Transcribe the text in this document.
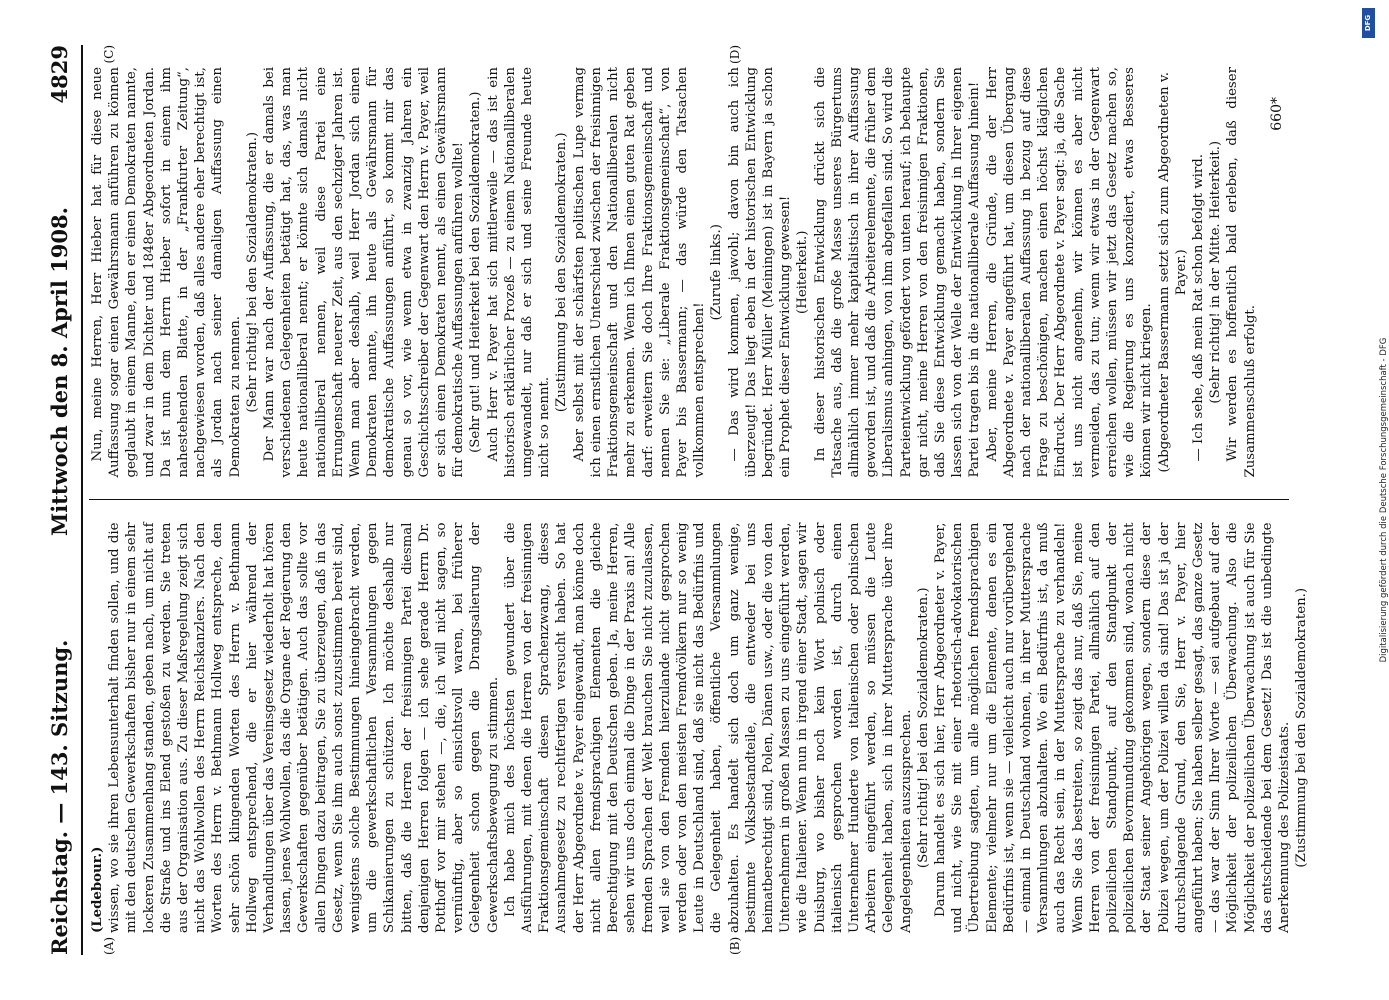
DFG
Digitalisierung gefördert durch die Deutsche Forschungsgemeinschaft - DFG
Reichstag. — 143. Sitzung.
Mittwoch den 8. April 1908.
4829
(A)	(B)

(Ledebour.) wissen, wo sie ihren Lebensunterhalt finden sollen, und die mit den deutschen Gewerkschaften bisher nur in einem sehr lockeren Zusammenhang standen, geben nach, um nicht auf die Straße und ins Elend gestoßen zu werden. Sie treten aus der Organisation aus. Zu dieser Maßregelung zeigt sich nicht das Wohlwollen des Herrn Reichskanzlers. Nach den Worten des Herrn v. Bethmann Hollweg entspreche, den sehr schön klingenden Worten des Herrn v. Bethmann Hollweg entsprechend, die er hier während der Verhandlungen über das Vereinsgesetz wiederholt hat hören lassen, jenes Wohlwollen, das die Organe der Regierung den Gewerkschaften gegenüber betätigen. Auch das sollte vor allen Dingen dazu beitragen, Sie zu überzeugen, daß in das Gesetz, wenn Sie ihm auch sonst zuzustimmen bereit sind, wenigstens solche Bestimmungen hineingebracht werden, um die gewerkschaftlichen Versammlungen gegen Schikanierungen zu schützen. Ich möchte deshalb nur bitten, daß die Herren der freisinnigen Partei diesmal denjenigen Herren folgen — ich sehe gerade Herrn Dr. Potthoff vor mir stehen —, die, ich will nicht sagen, so vernünftig, aber so einsichtsvoll waren, bei früherer Gelegenheit schon gegen die Drangsalierung der Gewerkschaftsbewegung zu stimmen. Ich habe mich des höchsten gewundert über die Ausführungen, mit denen die Herren von der freisinnigen Fraktionsgemeinschaft diesen Sprachenzwang, dieses Ausnahmegesetz zu rechtfertigen versucht haben. So hat der Herr Abgeordnete v. Payer eingewandt, man könne doch nicht allen fremdsprachigen Elementen die gleiche Berechtigung mit den Deutschen geben. Ja, meine Herren, sehen wir uns doch einmal die Dinge in der Praxis an! Alle fremden Sprachen der Welt brauchen Sie nicht zuzulassen, weil sie von den Fremden hierzulande nicht gesprochen werden oder von den meisten Fremdvölkern nur so wenig Leute in Deutschland sind, daß sie nicht das Bedürfnis und die Gelegenheit haben, öffentliche Versammlungen abzuhalten. Es handelt sich doch um ganz wenige, bestimmte Volksbestandteile, die entweder bei uns heimatberechtigt sind, Polen, Dänen usw., oder die von den Unternehmern in großen Massen zu uns eingeführt werden, wie die Italiener. Wenn nun in irgend einer Stadt, sagen wir Duisburg, wo bisher noch kein Wort polnisch oder italienisch gesprochen worden ist, durch einen Unternehmer Hunderte von italienischen oder polnischen Arbeitern eingeführt werden, so müssen die Leute Gelegenheit haben, sich in ihrer Muttersprache über ihre Angelegenheiten auszusprechen. (Sehr richtig! bei den Sozialdemokraten.) Darum handelt es sich hier, Herr Abgeordneter v. Payer, und nicht, wie Sie mit einer rhetorisch-advokatorischen Übertreibung sagten, um alle möglichen fremdsprachigen Elemente; vielmehr nur um die Elemente, denen es ein Bedürfnis ist, wenn sie — vielleicht auch nur vorübergehend — einmal in Deutschland wohnen, in ihrer Muttersprache Versammlungen abzuhalten. Wo ein Bedürfnis ist, da muß auch das Recht sein, in der Muttersprache zu verhandeln! Wenn Sie das bestreiten, so zeigt das nur, daß Sie, meine Herren von der freisinnigen Partei, allmählich auf den polizeilichen Standpunkt, auf den Standpunkt der polizeilichen Bevormundung gekommen sind, wonach nicht der Staat seiner Angehörigen wegen, sondern diese der Polizei wegen, um der Polizei willen da sind! Das ist ja der durchschlagende Grund, den Sie, Herr v. Payer, hier angeführt haben; Sie haben selber gesagt, das ganze Gesetz — das war der Sinn Ihrer Worte — sei aufgebaut auf der Möglichkeit der polizeilichen Überwachung. Also die Möglichkeit der polizeilichen Überwachung ist auch für Sie das entscheidende bei dem Gesetz! Das ist die unbedingte Anerkennung des Polizeistaats. (Zustimmung bei den Sozialdemokraten.)

(C)	(D)

Nun, meine Herren, Herr Hieber hat für diese neue Auffassung sogar einen Gewährsmann anführen zu können geglaubt in einem Manne, den er einen Demokraten nannte, und zwar in dem Dichter und 1848er Abgeordneten Jordan. Da ist nun dem Herrn Hieber sofort in einem ihm nahestehenden Blatte, in der „Frankfurter Zeitung“, nachgewiesen worden, daß alles andere eher berechtigt ist, als Jordan nach seiner damaligen Auffassung einen Demokraten zu nennen. (Sehr richtig! bei den Sozialdemokraten.) Der Mann war nach der Auffassung, die er damals bei verschiedenen Gelegenheiten betätigt hat, das, was man heute nationalliberal nennt; er könnte sich damals nicht nationalliberal nennen, weil diese Partei eine Errungenschaft neuerer Zeit, aus den sechziger Jahren ist. Wenn man aber deshalb, weil Herr Jordan sich einen Demokraten nannte, ihn heute als Gewährsmann für demokratische Auffassungen anführt, so kommt mir das genau so vor, wie wenn etwa in zwanzig Jahren ein Geschichtsschreiber der Gegenwart den Herrn v. Payer, weil er sich einen Demokraten nennt, als einen Gewährsmann für demokratische Auffassungen anführen wollte! (Sehr gut! und Heiterkeit bei den Sozialdemokraten.) Auch Herr v. Payer hat sich mittlerweile — das ist ein historisch erklärlicher Prozeß — zu einem Nationalliberalen umgewandelt, nur daß er sich und seine Freunde heute nicht so nennt.

(Zustimmung bei den Sozialdemokraten.) Aber selbst mit der schärfsten politischen Lupe vermag ich einen ernstlichen Unterschied zwischen der freisinnigen Fraktionsgemeinschaft und den Nationalliberalen nicht mehr zu erkennen. Wenn ich Ihnen einen guten Rat geben darf: erweitern Sie doch Ihre Fraktionsgemeinschaft und nennen Sie sie: „Liberale Fraktionsgemeinschaft“, von Payer bis Bassermann; — das würde den Tatsachen vollkommen entsprechen!

(Zurufe links.) — Das wird kommen, jawohl; davon bin auch ich überzeugt! Das liegt eben in der historischen Entwicklung begründet. Herr Müller (Meiningen) ist in Bayern ja schon ein Prophet dieser Entwicklung gewesen! (Heiterkeit.) In dieser historischen Entwicklung drückt sich die Tatsache aus, daß die große Masse unseres Bürgertums allmählich immer mehr kapitalistisch in ihrer Auffassung geworden ist, und daß die Arbeiterelemente, die früher dem Liberalismus anhingen, von ihm abgefallen sind. So wird die Parteientwicklung gefördert von unten herauf; ich behaupte gar nicht, meine Herren von den freisinnigen Fraktionen, daß Sie diese Entwicklung gemacht haben, sondern Sie lassen sich von der Welle der Entwicklung in Ihrer eigenen Partei tragen bis in die nationalliberale Auffassung hinein! Aber, meine Herren, die Gründe, die der Herr Abgeordnete v. Payer angeführt hat, um diesen Übergang nach der nationalliberalen Auffassung in bezug auf diese Frage zu beschönigen, machen einen höchst kläglichen Eindruck. Der Herr Abgeordnete v. Payer sagt: ja, die Sache ist uns nicht angenehm, wir können es aber nicht vermeiden, das zu tun; wenn wir etwas in der Gegenwart erreichen wollen, müssen wir jetzt das Gesetz machen so, wie die Regierung es uns konzediert, etwas Besseres können wir nicht kriegen. (Abgeordneter Bassermann setzt sich zum Abgeordneten v. Payer.) — Ich sehe, daß mein Rat schon befolgt wird. (Sehr richtig! in der Mitte. Heiterkeit.) Wir werden es hoffentlich bald erleben, daß dieser Zusammenschluß erfolgt.

660*
